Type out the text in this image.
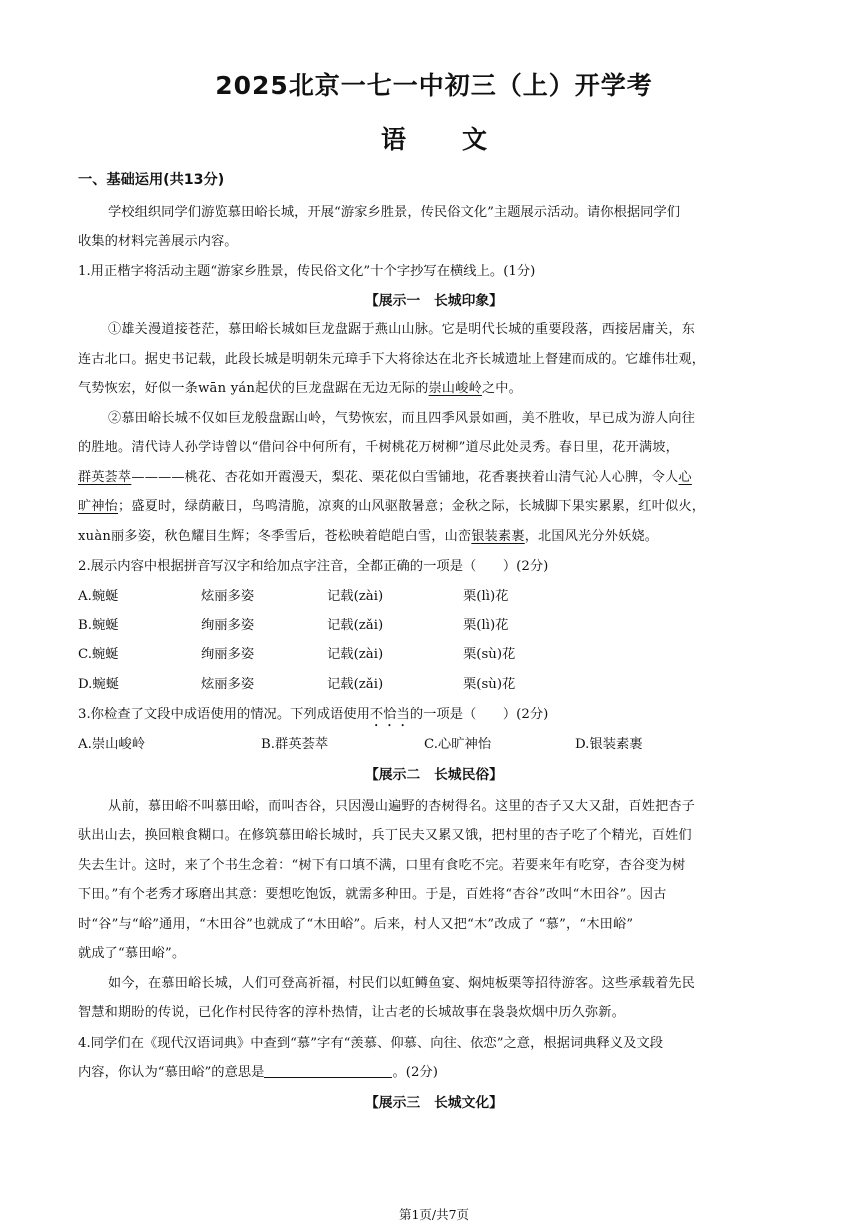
2025北京一七一中初三（上）开学考
语文
一、基础运用(共13分)
学校组织同学们游览慕田峪长城，开展“游家乡胜景，传民俗文化”主题展示活动。请你根据同学们
收集的材料完善展示内容。
1.用正楷字将活动主题“游家乡胜景，传民俗文化”十个字抄写在横线上。(1分)
【展示一　长城印象】
①雄关漫道接苍茫，慕田峪长城如巨龙盘踞于燕山山脉。它是明代长城的重要段落，西接居庸关，东
连古北口。据史书记载，此段长城是明朝朱元璋手下大将徐达在北齐长城遗址上督建而成的。它雄伟壮观，
气势恢宏，好似一条wān yán起伏的巨龙盘踞在无边无际的崇山峻岭之中。
②慕田峪长城不仅如巨龙般盘踞山岭，气势恢宏，而且四季风景如画，美不胜收，早已成为游人向往
的胜地。清代诗人孙学诗曾以“借问谷中何所有，千树桃花万树柳”道尽此处灵秀。春日里，花开满坡，
群英荟萃————桃花、杏花如开霞漫天，梨花、栗花似白雪铺地，花香裹挟着山清气沁人心脾，令人心
旷神怡；盛夏时，绿荫蔽日，鸟鸣清脆，凉爽的山风驱散暑意；金秋之际，长城脚下果实累累，红叶似火，
xuàn丽多姿，秋色耀目生辉；冬季雪后，苍松映着皑皑白雪，山峦银装素裹，北国风光分外妖娆。
2.展示内容中根据拼音写汉字和给加点字注音，全都正确的一项是（　　）(2分)
A.蜿蜒	炫丽多姿	记载(zài)	栗(lì)花
B.蜿蜒	绚丽多姿	记载(zǎi)	栗(lì)花
C.蜿蜒	绚丽多姿	记载(zài)	栗(sù)花
D.蜿蜒	炫丽多姿	记载(zǎi)	栗(sù)花
3.你检查了文段中成语使用的情况。下列成语使用不恰当的一项是（　　）(2分)
A.崇山峻岭	B.群英荟萃	C.心旷神怡	D.银装素裹
【展示二　长城民俗】
从前，慕田峪不叫慕田峪，而叫杏谷，只因漫山遍野的杏树得名。这里的杏子又大又甜，百姓把杏子
驮出山去，换回粮食糊口。在修筑慕田峪长城时，兵丁民夫又累又饿，把村里的杏子吃了个精光，百姓们
失去生计。这时，来了个书生念着：“树下有口填不满，口里有食吃不完。若要来年有吃穿，杏谷变为树
下田。”有个老秀才琢磨出其意：要想吃饱饭，就需多种田。于是，百姓将“杏谷”改叫“木田谷”。因古
时“谷”与“峪”通用，“木田谷”也就成了“木田峪”。后来，村人又把“木”改成了 “慕”，“木田峪”
就成了“慕田峪”。
如今，在慕田峪长城，人们可登高祈福，村民们以虹鳟鱼宴、焖炖板栗等招待游客。这些承载着先民
智慧和期盼的传说，已化作村民待客的淳朴热情，让古老的长城故事在袅袅炊烟中历久弥新。
4.同学们在《现代汉语词典》中查到“慕”字有“羡慕、仰慕、向往、依恋”之意，根据词典释义及文段
内容，你认为“慕田峪”的意思是	。(2分)
【展示三　长城文化】
第1页/共7页
